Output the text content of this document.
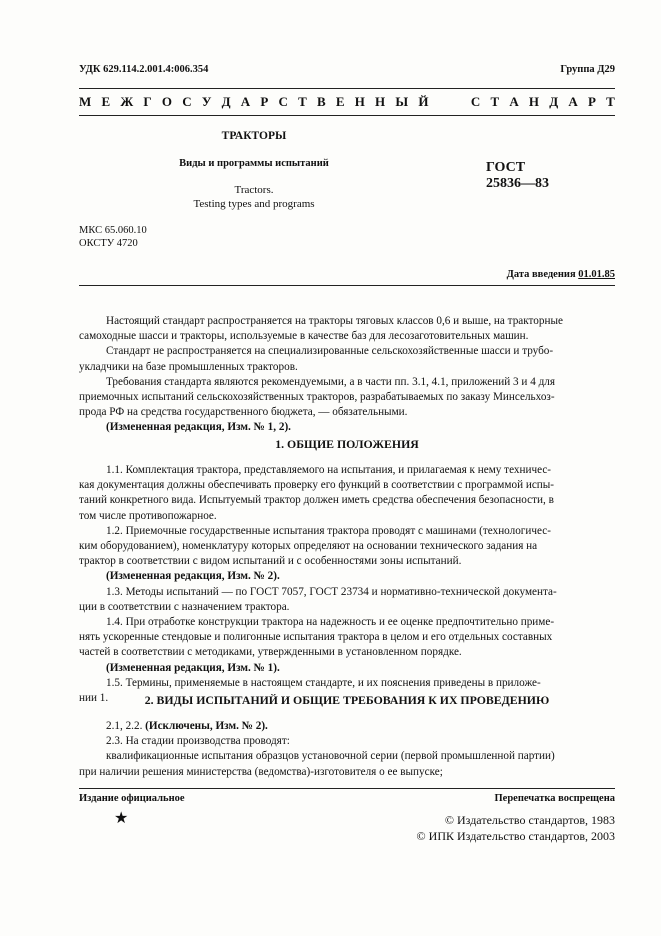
УДК 629.114.2.001.4:006.354	Группа Д29
М Е Ж Г О С У Д А Р С Т В Е Н Н Ы Й	С Т А Н Д А Р Т
ТРАКТОРЫ
Виды и программы испытаний
Tractors.
Testing types and programs
ГОСТ
25836—83
МКС 65.060.10
ОКСТУ 4720
Дата введения 01.01.85
Настоящий стандарт распространяется на тракторы тяговых классов 0,6 и выше, на тракторные
самоходные шасси и тракторы, используемые в качестве баз для лесозаготовительных машин.
Стандарт не распространяется на специализированные сельскохозяйственные шасси и трубо-
укладчики на базе промышленных тракторов.
Требования стандарта являются рекомендуемыми, а в части пп. 3.1, 4.1, приложений 3 и 4 для
приемочных испытаний сельскохозяйственных тракторов, разрабатываемых по заказу Минсельхоз-
прода РФ на средства государственного бюджета, — обязательными.
(Измененная редакция, Изм. № 1, 2).
1. ОБЩИЕ ПОЛОЖЕНИЯ
1.1. Комплектация трактора, представляемого на испытания, и прилагаемая к нему техничес-
кая документация должны обеспечивать проверку его функций в соответствии с программой испы-
таний конкретного вида. Испытуемый трактор должен иметь средства обеспечения безопасности, в
том числе противопожарное.
1.2. Приемочные государственные испытания трактора проводят с машинами (технологичес-
ким оборудованием), номенклатуру которых определяют на основании технического задания на
трактор в соответствии с видом испытаний и с особенностями зоны испытаний.
(Измененная редакция, Изм. № 2).
1.3. Методы испытаний — по ГОСТ 7057, ГОСТ 23734 и нормативно-технической документа-
ции в соответствии с назначением трактора.
1.4. При отработке конструкции трактора на надежность и ее оценке предпочтительно приме-
нять ускоренные стендовые и полигонные испытания трактора в целом и его отдельных составных
частей в соответствии с методиками, утвержденными в установленном порядке.
(Измененная редакция, Изм. № 1).
1.5. Термины, применяемые в настоящем стандарте, и их пояснения приведены в приложе-
нии 1.	2. ВИДЫ ИСПЫТАНИЙ И ОБЩИЕ ТРЕБОВАНИЯ К ИХ ПРОВЕДЕНИЮ
2.1, 2.2. (Исключены, Изм. № 2).
2.3. На стадии производства проводят:
квалификационные испытания образцов установочной серии (первой промышленной партии)
при наличии решения министерства (ведомства)-изготовителя о ее выпуске;
Издание официальное	Перепечатка воспрещена
★	© Издательство стандартов, 1983
© ИПК Издательство стандартов, 2003
